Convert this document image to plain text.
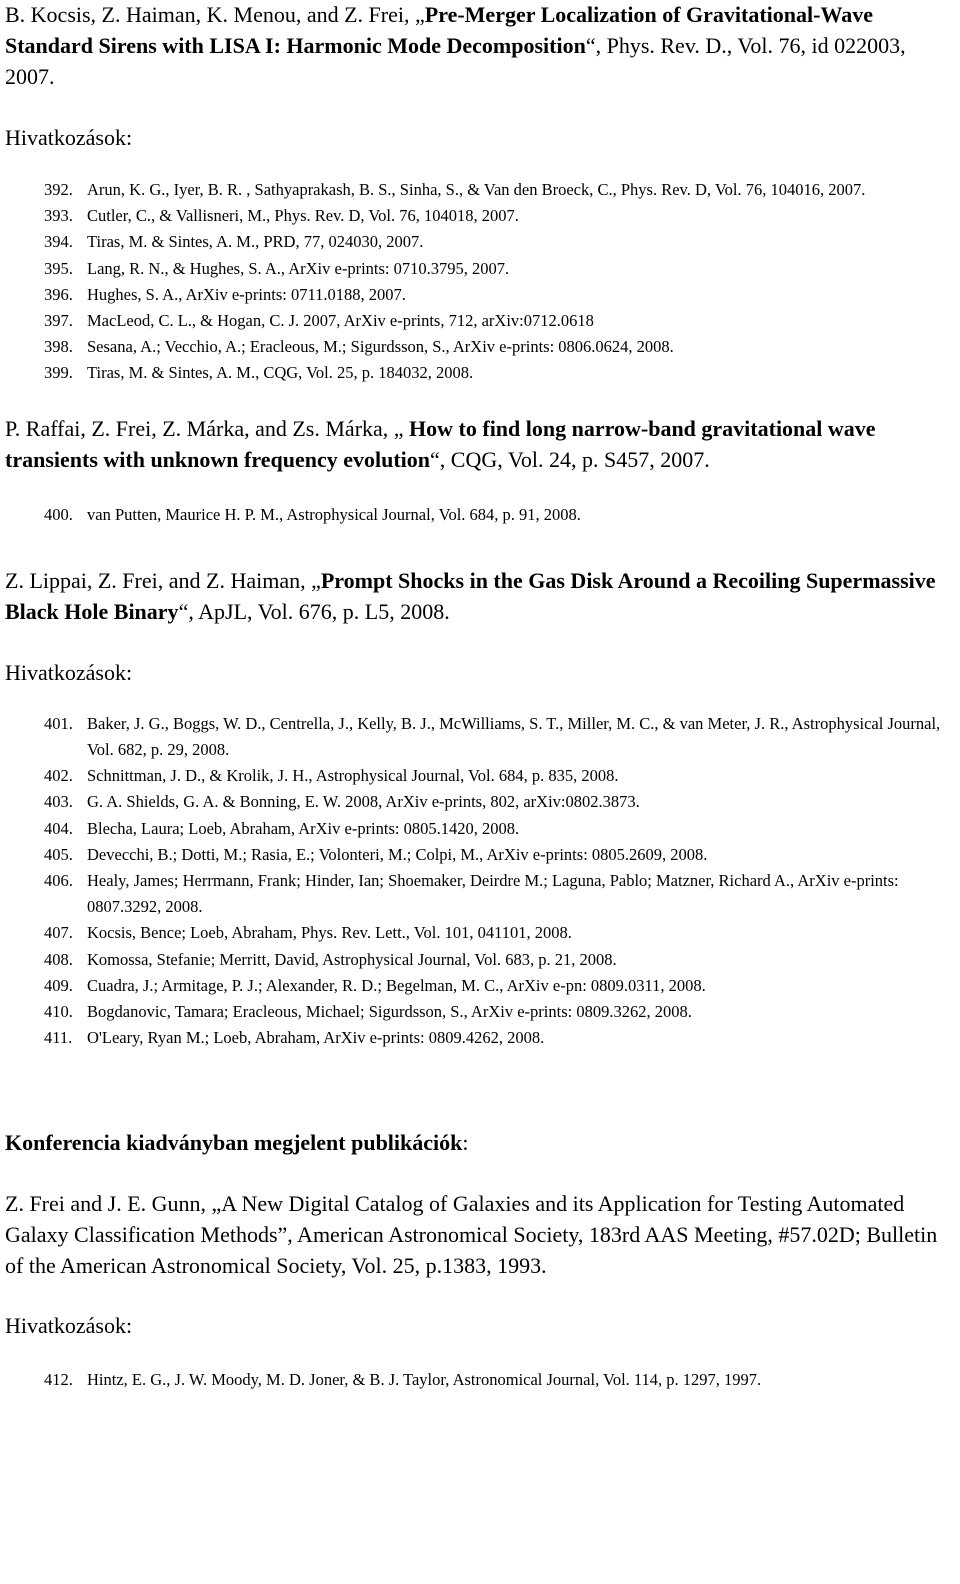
B. Kocsis, Z. Haiman, K. Menou, and Z. Frei, „Pre-Merger Localization of Gravitational-Wave Standard Sirens with LISA I: Harmonic Mode Decomposition“, Phys. Rev. D., Vol. 76, id 022003, 2007.

Hivatkozások:

392. Arun, K. G., Iyer, B. R. , Sathyaprakash, B. S., Sinha, S., & Van den Broeck, C., Phys. Rev. D, Vol. 76, 104016, 2007.
393. Cutler, C., & Vallisneri, M., Phys. Rev. D, Vol. 76, 104018, 2007.
394. Tiras, M. & Sintes, A. M., PRD, 77, 024030, 2007.
395. Lang, R. N., & Hughes, S. A., ArXiv e-prints: 0710.3795, 2007.
396. Hughes, S. A., ArXiv e-prints: 0711.0188, 2007.
397. MacLeod, C. L., & Hogan, C. J. 2007, ArXiv e-prints, 712, arXiv:0712.0618
398. Sesana, A.; Vecchio, A.; Eracleous, M.; Sigurdsson, S., ArXiv e-prints: 0806.0624, 2008.
399. Tiras, M. & Sintes, A. M., CQG, Vol. 25, p. 184032, 2008.

P. Raffai, Z. Frei, Z. Márka, and Zs. Márka, „ How to find long narrow-band gravitational wave transients with unknown frequency evolution“, CQG, Vol. 24, p. S457, 2007.

400. van Putten, Maurice H. P. M., Astrophysical Journal, Vol. 684, p. 91, 2008.

Z. Lippai, Z. Frei, and Z. Haiman, „Prompt Shocks in the Gas Disk Around a Recoiling Supermassive Black Hole Binary“, ApJL, Vol. 676, p. L5, 2008.

Hivatkozások:

401. Baker, J. G., Boggs, W. D., Centrella, J., Kelly, B. J., McWilliams, S. T., Miller, M. C., & van Meter, J. R., Astrophysical Journal, Vol. 682, p. 29, 2008.
402. Schnittman, J. D., & Krolik, J. H., Astrophysical Journal, Vol. 684, p. 835, 2008.
403. G. A. Shields, G. A. & Bonning, E. W. 2008, ArXiv e-prints, 802, arXiv:0802.3873.
404. Blecha, Laura; Loeb, Abraham, ArXiv e-prints: 0805.1420, 2008.
405. Devecchi, B.; Dotti, M.; Rasia, E.; Volonteri, M.; Colpi, M., ArXiv e-prints: 0805.2609, 2008.
406. Healy, James; Herrmann, Frank; Hinder, Ian; Shoemaker, Deirdre M.; Laguna, Pablo; Matzner, Richard A., ArXiv e-prints: 0807.3292, 2008.
407. Kocsis, Bence; Loeb, Abraham, Phys. Rev. Lett., Vol. 101, 041101, 2008.
408. Komossa, Stefanie; Merritt, David, Astrophysical Journal, Vol. 683, p. 21, 2008.
409. Cuadra, J.; Armitage, P. J.; Alexander, R. D.; Begelman, M. C., ArXiv e-pn: 0809.0311, 2008.
410. Bogdanovic, Tamara; Eracleous, Michael; Sigurdsson, S., ArXiv e-prints: 0809.3262, 2008.
411. O'Leary, Ryan M.; Loeb, Abraham, ArXiv e-prints: 0809.4262, 2008.

Konferencia kiadványban megjelent publikációk:

Z. Frei and J. E. Gunn, „A New Digital Catalog of Galaxies and its Application for Testing Automated Galaxy Classification Methods”, American Astronomical Society, 183rd AAS Meeting, #57.02D; Bulletin of the American Astronomical Society, Vol. 25, p.1383, 1993.

Hivatkozások:

412. Hintz, E. G., J. W. Moody, M. D. Joner, & B. J. Taylor, Astronomical Journal, Vol. 114, p. 1297, 1997.
